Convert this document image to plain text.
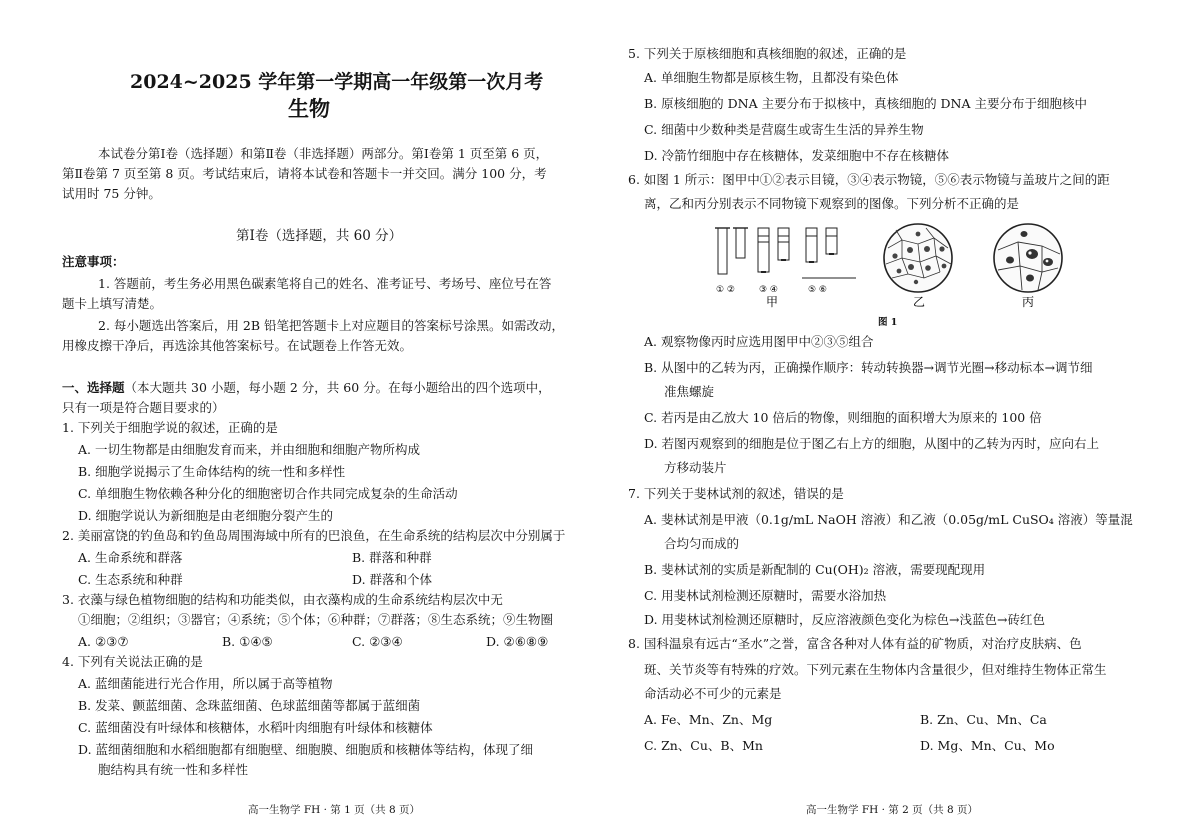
2024~2025 学年第一学期高一年级第一次月考
生物
本试卷分第Ⅰ卷（选择题）和第Ⅱ卷（非选择题）两部分。第Ⅰ卷第 1 页至第 6 页，
第Ⅱ卷第 7 页至第 8 页。考试结束后，请将本试卷和答题卡一并交回。满分 100 分，考
试用时 75 分钟。
第Ⅰ卷（选择题，共 60 分）
注意事项：
1. 答题前，考生务必用黑色碳素笔将自己的姓名、准考证号、考场号、座位号在答
题卡上填写清楚。
2. 每小题选出答案后，用 2B 铅笔把答题卡上对应题目的答案标号涂黑。如需改动，
用橡皮擦干净后，再选涂其他答案标号。在试题卷上作答无效。
一、选择题（本大题共 30 小题，每小题 2 分，共 60 分。在每小题给出的四个选项中，
只有一项是符合题目要求的）
1. 下列关于细胞学说的叙述，正确的是
A. 一切生物都是由细胞发育而来，并由细胞和细胞产物所构成
B. 细胞学说揭示了生命体结构的统一性和多样性
C. 单细胞生物依赖各种分化的细胞密切合作共同完成复杂的生命活动
D. 细胞学说认为新细胞是由老细胞分裂产生的
2. 美丽富饶的钓鱼岛和钓鱼岛周围海域中所有的巴浪鱼，在生命系统的结构层次中分别属于
A. 生命系统和群落	B. 群落和种群
C. 生态系统和种群	D. 群落和个体
3. 衣藻与绿色植物细胞的结构和功能类似，由衣藻构成的生命系统结构层次中无
①细胞；②组织；③器官；④系统；⑤个体；⑥种群；⑦群落；⑧生态系统；⑨生物圈
A. ②③⑦	B. ①④⑤	C. ②③④	D. ②⑥⑧⑨
4. 下列有关说法正确的是
A. 蓝细菌能进行光合作用，所以属于高等植物
B. 发菜、颤蓝细菌、念珠蓝细菌、色球蓝细菌等都属于蓝细菌
C. 蓝细菌没有叶绿体和核糖体，水稻叶肉细胞有叶绿体和核糖体
D. 蓝细菌细胞和水稻细胞都有细胞壁、细胞膜、细胞质和核糖体等结构，体现了细
胞结构具有统一性和多样性
5. 下列关于原核细胞和真核细胞的叙述，正确的是
A. 单细胞生物都是原核生物，且都没有染色体
B. 原核细胞的 DNA 主要分布于拟核中，真核细胞的 DNA 主要分布于细胞核中
C. 细菌中少数种类是营腐生或寄生生活的异养生物
D. 冷箭竹细胞中存在核糖体，发菜细胞中不存在核糖体
6. 如图 1 所示：图甲中①②表示目镜，③④表示物镜，⑤⑥表示物镜与盖玻片之间的距
离，乙和丙分别表示不同物镜下观察到的图像。下列分析不正确的是
① ②	③ ④	⑤ ⑥
甲	乙	丙
图 1
A. 观察物像丙时应选用图甲中②③⑤组合
B. 从图中的乙转为丙，正确操作顺序：转动转换器→调节光圈→移动标本→调节细
准焦螺旋
C. 若丙是由乙放大 10 倍后的物像，则细胞的面积增大为原来的 100 倍
D. 若图丙观察到的细胞是位于图乙右上方的细胞，从图中的乙转为丙时，应向右上
方移动装片
7. 下列关于斐林试剂的叙述，错误的是
A. 斐林试剂是甲液（0.1g/mL NaOH 溶液）和乙液（0.05g/mL CuSO₄ 溶液）等量混
合均匀而成的
B. 斐林试剂的实质是新配制的 Cu(OH)₂ 溶液，需要现配现用
C. 用斐林试剂检测还原糖时，需要水浴加热
D. 用斐林试剂检测还原糖时，反应溶液颜色变化为棕色→浅蓝色→砖红色
8. 国科温泉有远古“圣水”之誉，富含各种对人体有益的矿物质，对治疗皮肤病、色
斑、关节炎等有特殊的疗效。下列元素在生物体内含量很少，但对维持生物体正常生
命活动必不可少的元素是
A. Fe、Mn、Zn、Mg	B. Zn、Cu、Mn、Ca
C. Zn、Cu、B、Mn	D. Mg、Mn、Cu、Mo
高一生物学 FH · 第 1 页（共 8 页）	高一生物学 FH · 第 2 页（共 8 页）
